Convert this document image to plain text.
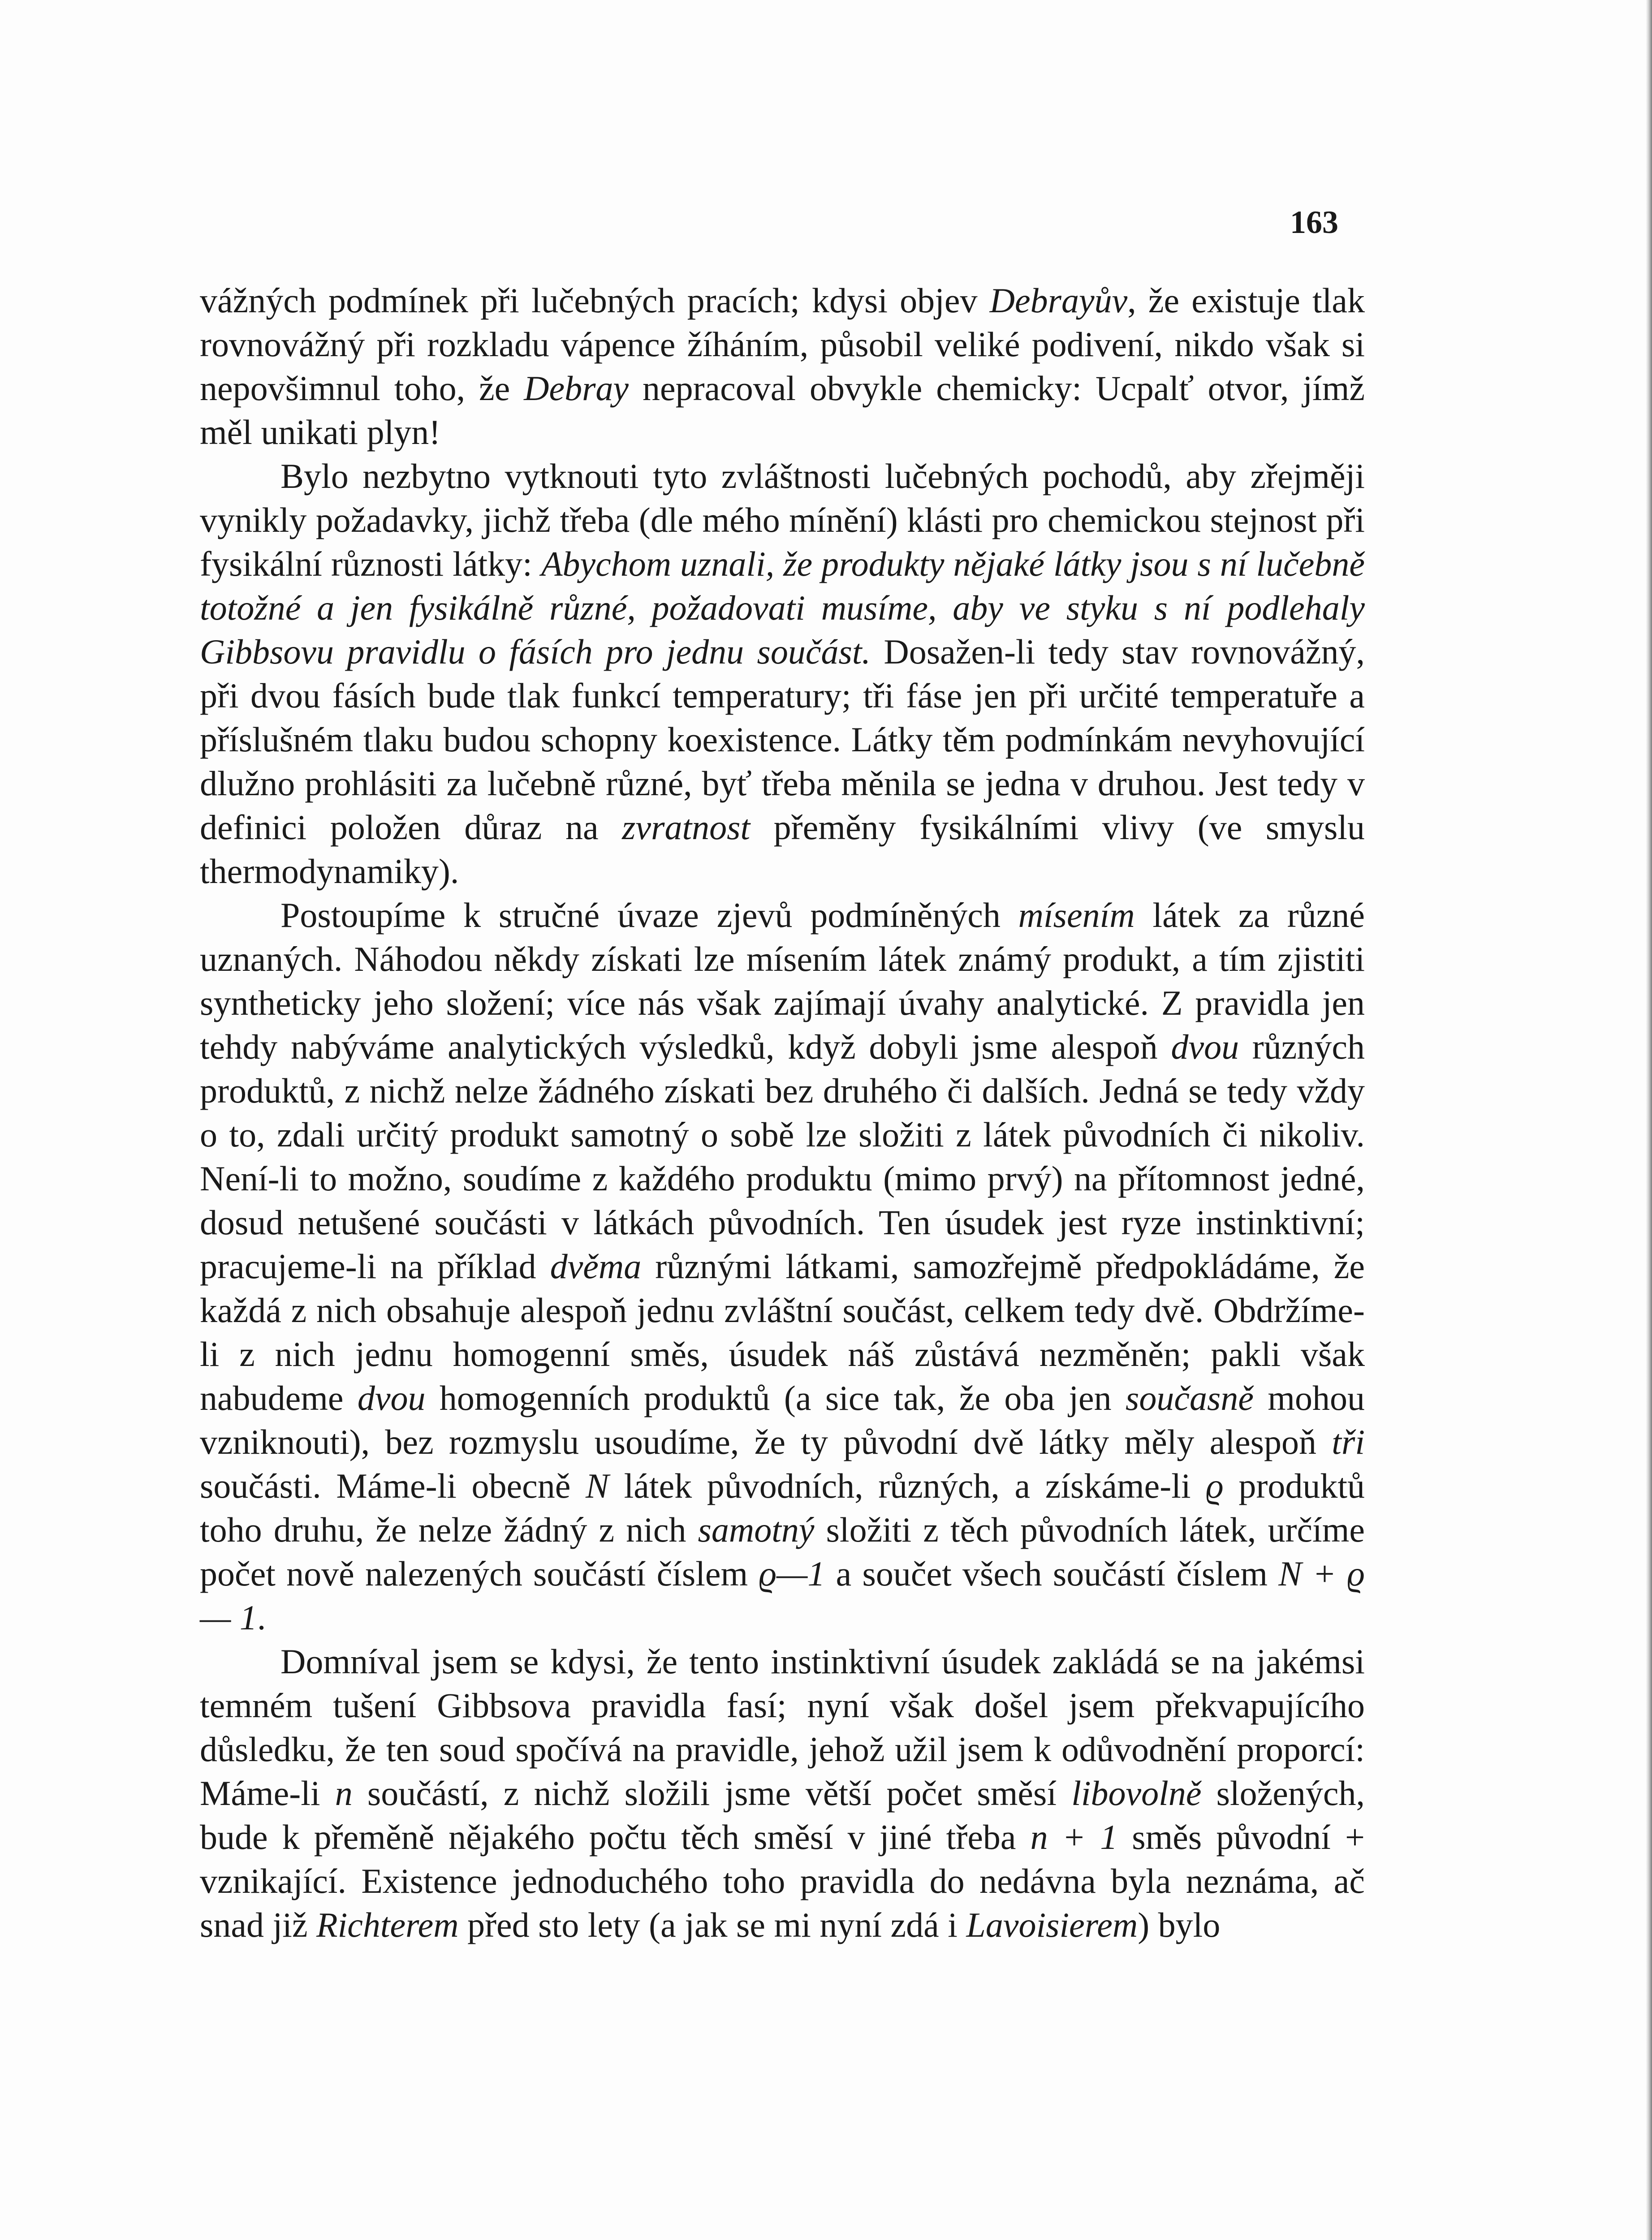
163

vážných podmínek při lučebných pracích; kdysi objev Debrayův, že existuje tlak rovnovážný při rozkladu vápence žíháním, působil veliké podivení, nikdo však si nepovšimnul toho, že Debray nepracoval obvykle chemicky: Ucpalť otvor, jímž měl unikati plyn!

Bylo nezbytno vytknouti tyto zvláštnosti lučebných pochodů, aby zřejměji vynikly požadavky, jichž třeba (dle mého mínění) klásti pro chemickou stejnost při fysikální různosti látky: Abychom uznali, že produkty nějaké látky jsou s ní lučebně totožné a jen fysikálně různé, požadovati musíme, aby ve styku s ní podlehaly Gibbsovu pravidlu o fásích pro jednu součást. Dosažen-li tedy stav rovnovážný, při dvou fásích bude tlak funkcí temperatury; tři fáse jen při určité temperatuře a příslušném tlaku budou schopny koexistence. Látky těm podmínkám nevyhovující dlužno prohlásiti za lučebně různé, byť třeba měnila se jedna v druhou. Jest tedy v definici položen důraz na zvratnost přeměny fysikálními vlivy (ve smyslu thermodynamiky).

Postoupíme k stručné úvaze zjevů podmíněných mísením látek za různé uznaných. Náhodou někdy získati lze mísením látek známý produkt, a tím zjistiti syntheticky jeho složení; více nás však zajímají úvahy analytické. Z pravidla jen tehdy nabýváme analytických výsledků, když dobyli jsme alespoň dvou různých produktů, z nichž nelze žádného získati bez druhého či dalších. Jedná se tedy vždy o to, zdali určitý produkt samotný o sobě lze složiti z látek původních či nikoliv. Není-li to možno, soudíme z každého produktu (mimo prvý) na přítomnost jedné, dosud netušené součásti v látkách původních. Ten úsudek jest ryze instinktivní; pracujeme-li na příklad dvěma různými látkami, samozřejmě předpokládáme, že každá z nich obsahuje alespoň jednu zvláštní součást, celkem tedy dvě. Obdržíme-li z nich jednu homogenní směs, úsudek náš zůstává nezměněn; pakli však nabudeme dvou homogenních produktů (a sice tak, že oba jen současně mohou vzniknouti), bez rozmyslu usoudíme, že ty původní dvě látky měly alespoň tři součásti. Máme-li obecně N látek původních, různých, a získáme-li ϱ produktů toho druhu, že nelze žádný z nich samotný složiti z těch původních látek, určíme počet nově nalezených součástí číslem ϱ—1 a součet všech součástí číslem N + ϱ — 1.

Domníval jsem se kdysi, že tento instinktivní úsudek zakládá se na jakémsi temném tušení Gibbsova pravidla fasí; nyní však došel jsem překvapujícího důsledku, že ten soud spočívá na pravidle, jehož užil jsem k odůvodnění proporcí: Máme-li n součástí, z nichž složili jsme větší počet směsí libovolně složených, bude k přeměně nějakého počtu těch směsí v jiné třeba n + 1 směs původní + vznikající. Existence jednoduchého toho pravidla do nedávna byla neznáma, ač snad již Richterem před sto lety (a jak se mi nyní zdá i Lavoisierem) bylo
